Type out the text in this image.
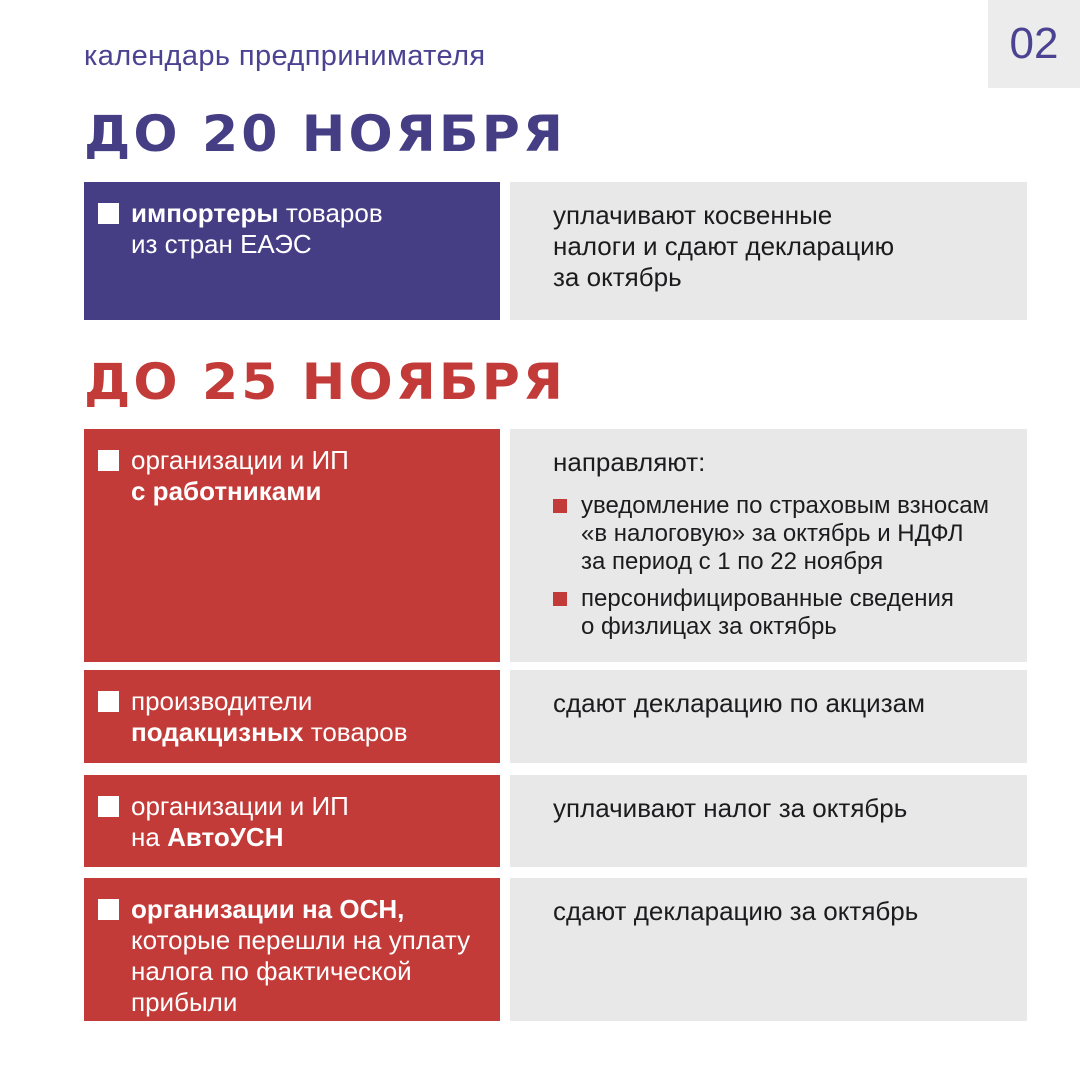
календарь предпринимателя	02
ДО 20 НОЯБРЯ
импортеры товаров
из стран ЕАЭС
уплачивают косвенные
налоги и сдают декларацию
за октябрь
ДО 25 НОЯБРЯ
организации и ИП
с работниками
направляют:
уведомление по страховым взносам
«в налоговую» за октябрь и НДФЛ
за период с 1 по 22 ноября
персонифицированные сведения
о физлицах за октябрь
производители
подакцизных товаров
сдают декларацию по акцизам
организации и ИП
на АвтоУСН
уплачивают налог за октябрь
организации на ОСН,
которые перешли на уплату
налога по фактической
прибыли
сдают декларацию за октябрь
